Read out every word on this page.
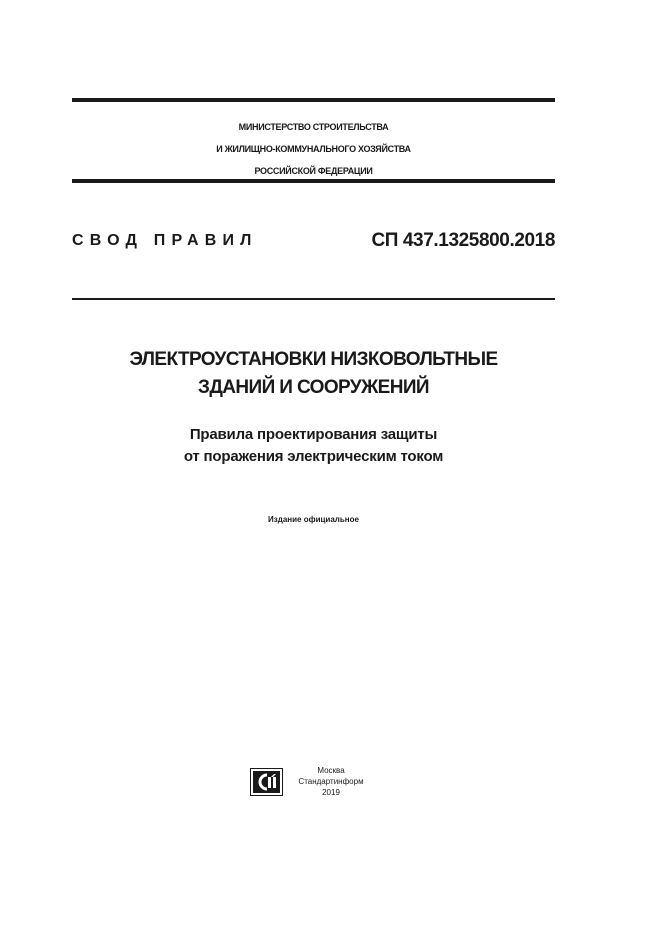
МИНИСТЕРСТВО СТРОИТЕЛЬСТВА
И ЖИЛИЩНО-КОММУНАЛЬНОГО ХОЗЯЙСТВА
РОССИЙСКОЙ ФЕДЕРАЦИИ
СВОД ПРАВИЛ	СП 437.1325800.2018
ЭЛЕКТРОУСТАНОВКИ НИЗКОВОЛЬТНЫЕ
ЗДАНИЙ И СООРУЖЕНИЙ
Правила проектирования защиты
от поражения электрическим током
Издание официальное
Москва
Стандартинформ
2019
